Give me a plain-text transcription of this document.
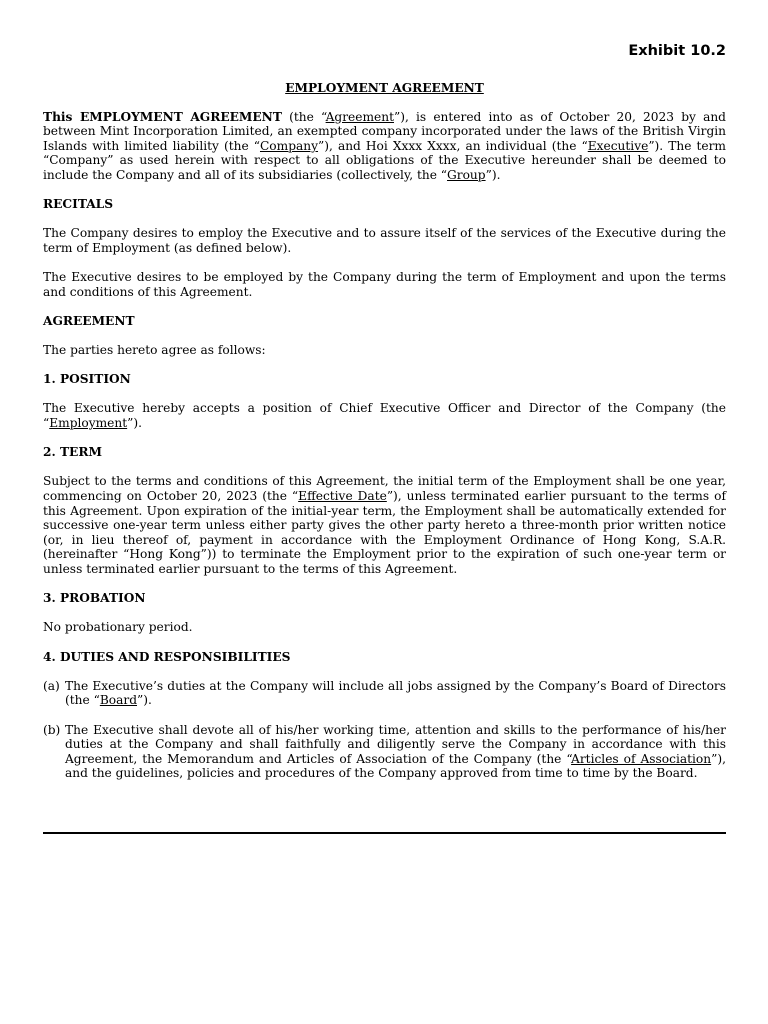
Exhibit 10.2
EMPLOYMENT AGREEMENT

This EMPLOYMENT AGREEMENT (the “Agreement”), is entered into as of October 20, 2023 by and between Mint Incorporation Limited, an exempted company incorporated under the laws of the British Virgin Islands with limited liability (the “Company”), and Hoi Xxxx Xxxx, an individual (the “Executive”). The term “Company” as used herein with respect to all obligations of the Executive hereunder shall be deemed to include the Company and all of its subsidiaries (collectively, the “Group”).

RECITALS

The Company desires to employ the Executive and to assure itself of the services of the Executive during the term of Employment (as defined below).

The Executive desires to be employed by the Company during the term of Employment and upon the terms and conditions of this Agreement.

AGREEMENT

The parties hereto agree as follows:

1. POSITION

The Executive hereby accepts a position of Chief Executive Officer and Director of the Company (the “Employment”).

2. TERM

Subject to the terms and conditions of this Agreement, the initial term of the Employment shall be one year, commencing on October 20, 2023 (the “Effective Date”), unless terminated earlier pursuant to the terms of this Agreement. Upon expiration of the initial-year term, the Employment shall be automatically extended for successive one-year term unless either party gives the other party hereto a three-month prior written notice (or, in lieu thereof of, payment in accordance with the Employment Ordinance of Hong Kong, S.A.R. (hereinafter “Hong Kong”)) to terminate the Employment prior to the expiration of such one-year term or unless terminated earlier pursuant to the terms of this Agreement.

3. PROBATION

No probationary period.

4. DUTIES AND RESPONSIBILITIES
(a) The Executive’s duties at the Company will include all jobs assigned by the Company’s Board of Directors (the “Board”).
(b) The Executive shall devote all of his/her working time, attention and skills to the performance of his/her duties at the Company and shall faithfully and diligently serve the Company in accordance with this Agreement, the Memorandum and Articles of Association of the Company (the “Articles of Association”), and the guidelines, policies and procedures of the Company approved from time to time by the Board.
